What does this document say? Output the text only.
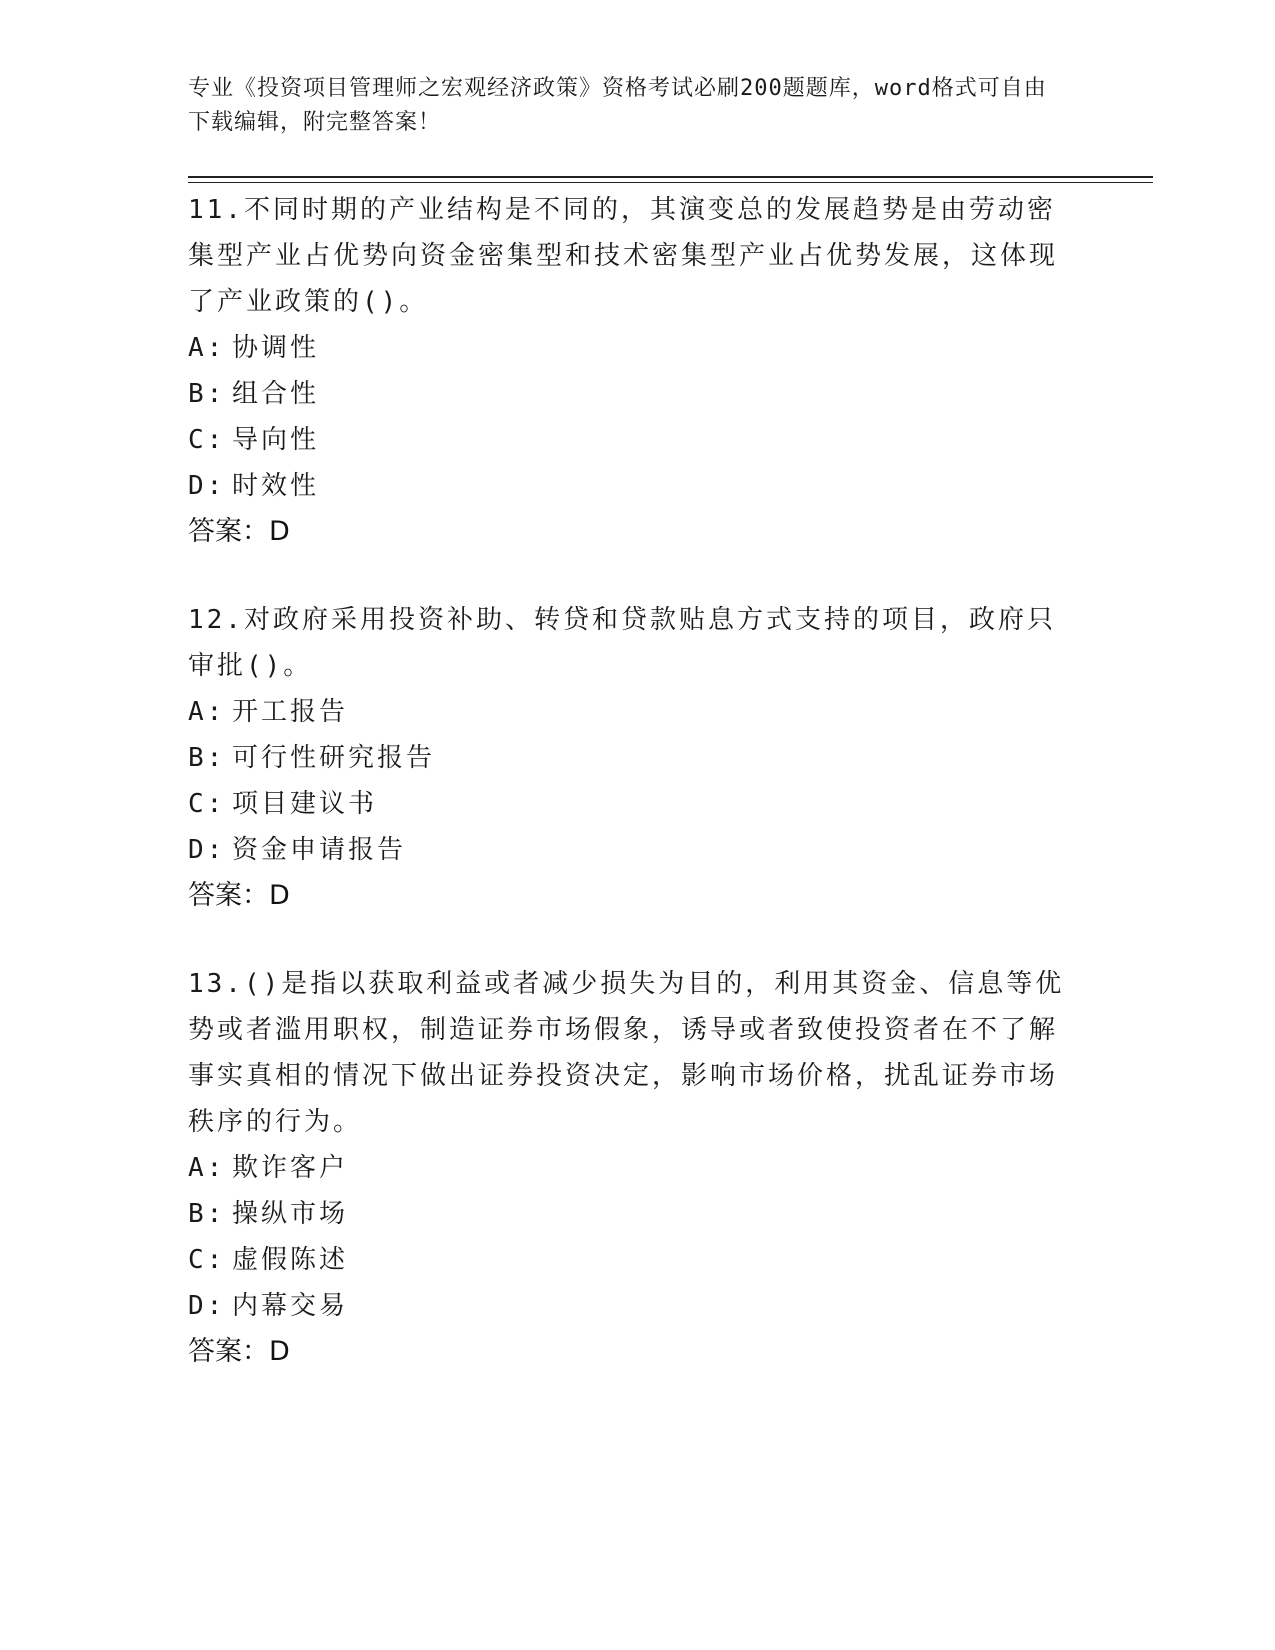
专业《投资项目管理师之宏观经济政策》资格考试必刷200题题库，word格式可自由下载编辑，附完整答案！

11.不同时期的产业结构是不同的，其演变总的发展趋势是由劳动密集型产业占优势向资金密集型和技术密集型产业占优势发展，这体现了产业政策的()。

A: 协调性

B: 组合性

C: 导向性

D: 时效性

答案：D

12.对政府采用投资补助、转贷和贷款贴息方式支持的项目，政府只审批()。

A: 开工报告

B: 可行性研究报告

C: 项目建议书

D: 资金申请报告

答案：D

13.()是指以获取利益或者减少损失为目的，利用其资金、信息等优势或者滥用职权，制造证券市场假象，诱导或者致使投资者在不了解事实真相的情况下做出证券投资决定，影响市场价格，扰乱证券市场秩序的行为。

A: 欺诈客户

B: 操纵市场

C: 虚假陈述

D: 内幕交易

答案：D
